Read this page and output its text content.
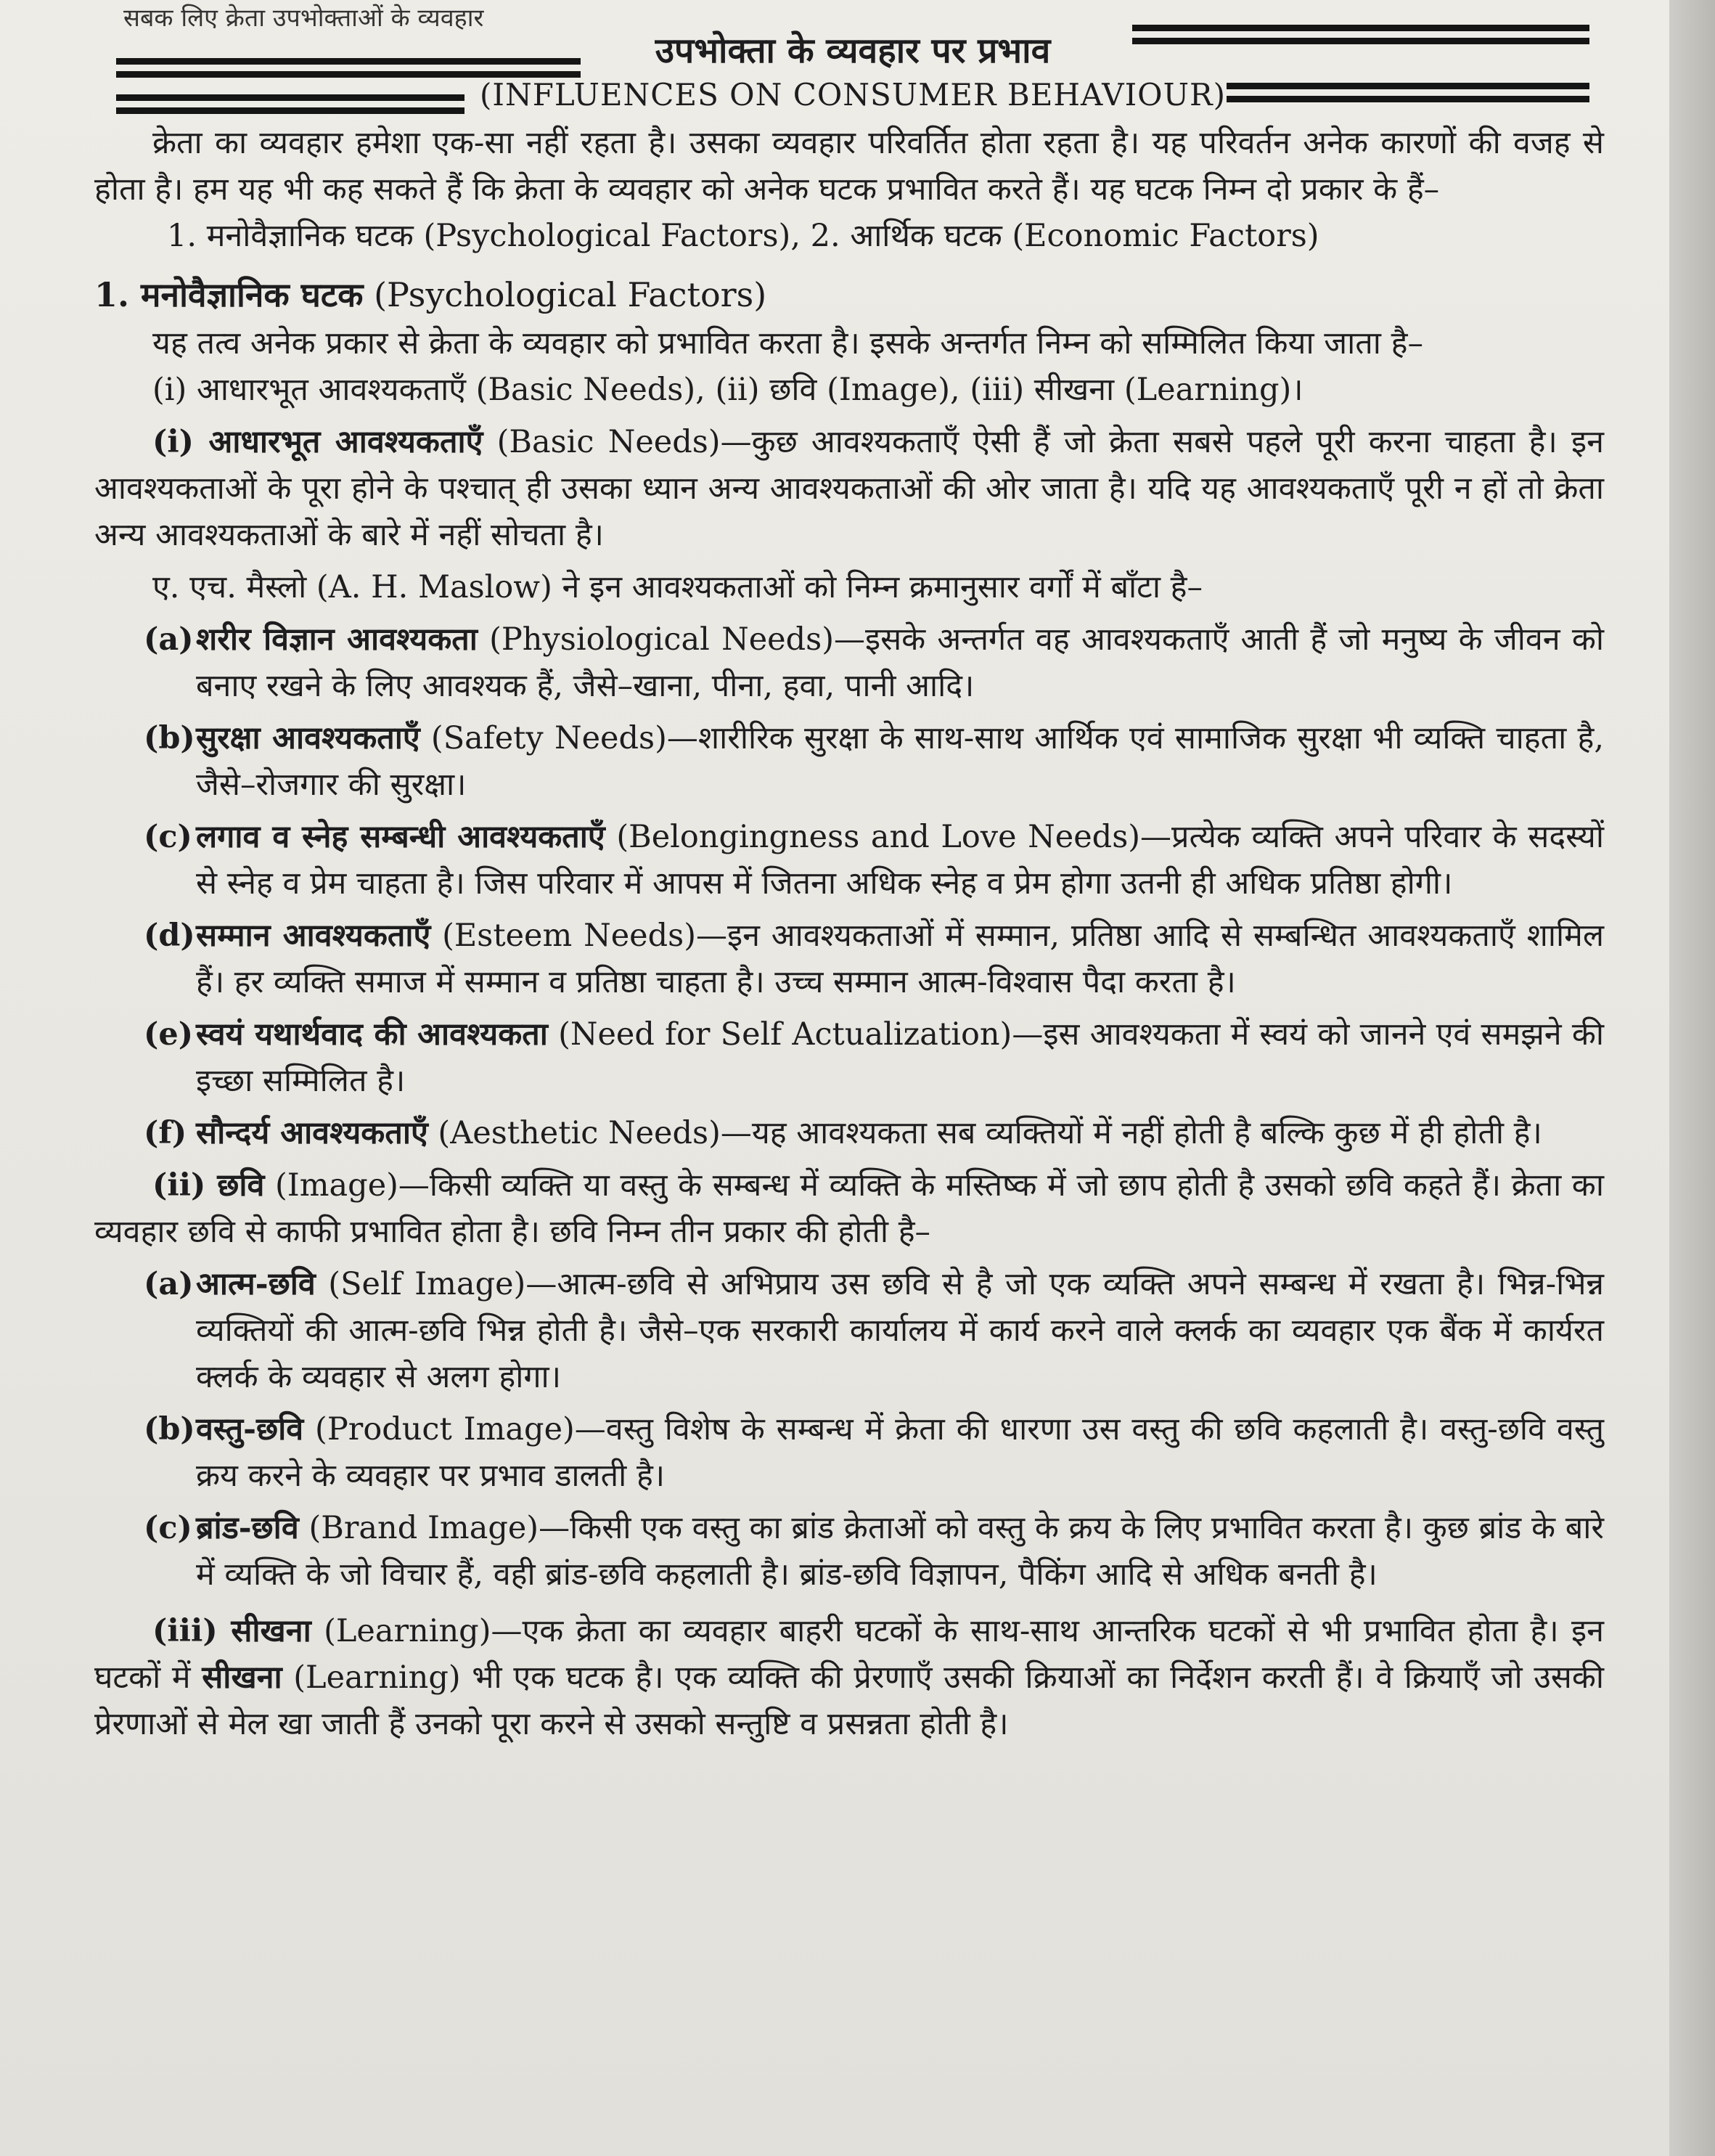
सबक लिए क्रेता उपभोक्ताओं के व्यवहार
उपभोक्ता के व्यवहार पर प्रभाव
(INFLUENCES ON CONSUMER BEHAVIOUR)

क्रेता का व्यवहार हमेशा एक-सा नहीं रहता है। उसका व्यवहार परिवर्तित होता रहता है। यह परिवर्तन अनेक कारणों की वजह से होता है। हम यह भी कह सकते हैं कि क्रेता के व्यवहार को अनेक घटक प्रभावित करते हैं। यह घटक निम्न दो प्रकार के हैं–

1. मनोवैज्ञानिक घटक (Psychological Factors), 2. आर्थिक घटक (Economic Factors)

1. मनोवैज्ञानिक घटक (Psychological Factors)

यह तत्व अनेक प्रकार से क्रेता के व्यवहार को प्रभावित करता है। इसके अन्तर्गत निम्न को सम्मिलित किया जाता है–

(i) आधारभूत आवश्यकताएँ (Basic Needs), (ii) छवि (Image), (iii) सीखना (Learning)।

(i) आधारभूत आवश्यकताएँ (Basic Needs)—कुछ आवश्यकताएँ ऐसी हैं जो क्रेता सबसे पहले पूरी करना चाहता है। इन आवश्यकताओं के पूरा होने के पश्चात् ही उसका ध्यान अन्य आवश्यकताओं की ओर जाता है। यदि यह आवश्यकताएँ पूरी न हों तो क्रेता अन्य आवश्यकताओं के बारे में नहीं सोचता है।

ए. एच. मैस्लो (A. H. Maslow) ने इन आवश्यकताओं को निम्न क्रमानुसार वर्गों में बाँटा है–

(a)शरीर विज्ञान आवश्यकता (Physiological Needs)—इसके अन्तर्गत वह आवश्यकताएँ आती हैं जो मनुष्य के जीवन को बनाए रखने के लिए आवश्यक हैं, जैसे–खाना, पीना, हवा, पानी आदि।

(b)सुरक्षा आवश्यकताएँ (Safety Needs)—शारीरिक सुरक्षा के साथ-साथ आर्थिक एवं सामाजिक सुरक्षा भी व्यक्ति चाहता है, जैसे–रोजगार की सुरक्षा।

(c) लगाव व स्नेह सम्बन्धी आवश्यकताएँ (Belongingness and Love Needs)—प्रत्येक व्यक्ति अपने परिवार के सदस्यों से स्नेह व प्रेम चाहता है। जिस परिवार में आपस में जितना अधिक स्नेह व प्रेम होगा उतनी ही अधिक प्रतिष्ठा होगी।

(d)सम्मान आवश्यकताएँ (Esteem Needs)—इन आवश्यकताओं में सम्मान, प्रतिष्ठा आदि से सम्बन्धित आवश्यकताएँ शामिल हैं। हर व्यक्ति समाज में सम्मान व प्रतिष्ठा चाहता है। उच्च सम्मान आत्म-विश्वास पैदा करता है।

(e)स्वयं यथार्थवाद की आवश्यकता (Need for Self Actualization)—इस आवश्यकता में स्वयं को जानने एवं समझने की इच्छा सम्मिलित है।

(f) सौन्दर्य आवश्यकताएँ (Aesthetic Needs)—यह आवश्यकता सब व्यक्तियों में नहीं होती है बल्कि कुछ में ही होती है।

(ii) छवि (Image)—किसी व्यक्ति या वस्तु के सम्बन्ध में व्यक्ति के मस्तिष्क में जो छाप होती है उसको छवि कहते हैं। क्रेता का व्यवहार छवि से काफी प्रभावित होता है। छवि निम्न तीन प्रकार की होती है–

(a)आत्म-छवि (Self Image)—आत्म-छवि से अभिप्राय उस छवि से है जो एक व्यक्ति अपने सम्बन्ध में रखता है। भिन्न-भिन्न व्यक्तियों की आत्म-छवि भिन्न होती है। जैसे–एक सरकारी कार्यालय में कार्य करने वाले क्लर्क का व्यवहार एक बैंक में कार्यरत क्लर्क के व्यवहार से अलग होगा।

(b)वस्तु-छवि (Product Image)—वस्तु विशेष के सम्बन्ध में क्रेता की धारणा उस वस्तु की छवि कहलाती है। वस्तु-छवि वस्तु क्रय करने के व्यवहार पर प्रभाव डालती है।

(c) ब्रांड-छवि (Brand Image)—किसी एक वस्तु का ब्रांड क्रेताओं को वस्तु के क्रय के लिए प्रभावित करता है। कुछ ब्रांड के बारे में व्यक्ति के जो विचार हैं, वही ब्रांड-छवि कहलाती है। ब्रांड-छवि विज्ञापन, पैकिंग आदि से अधिक बनती है।

(iii) सीखना (Learning)—एक क्रेता का व्यवहार बाहरी घटकों के साथ-साथ आन्तरिक घटकों से भी प्रभावित होता है। इन घटकों में सीखना (Learning) भी एक घटक है। एक व्यक्ति की प्रेरणाएँ उसकी क्रियाओं का निर्देशन करती हैं। वे क्रियाएँ जो उसकी प्रेरणाओं से मेल खा जाती हैं उनको पूरा करने से उसको सन्तुष्टि व प्रसन्नता होती है।
